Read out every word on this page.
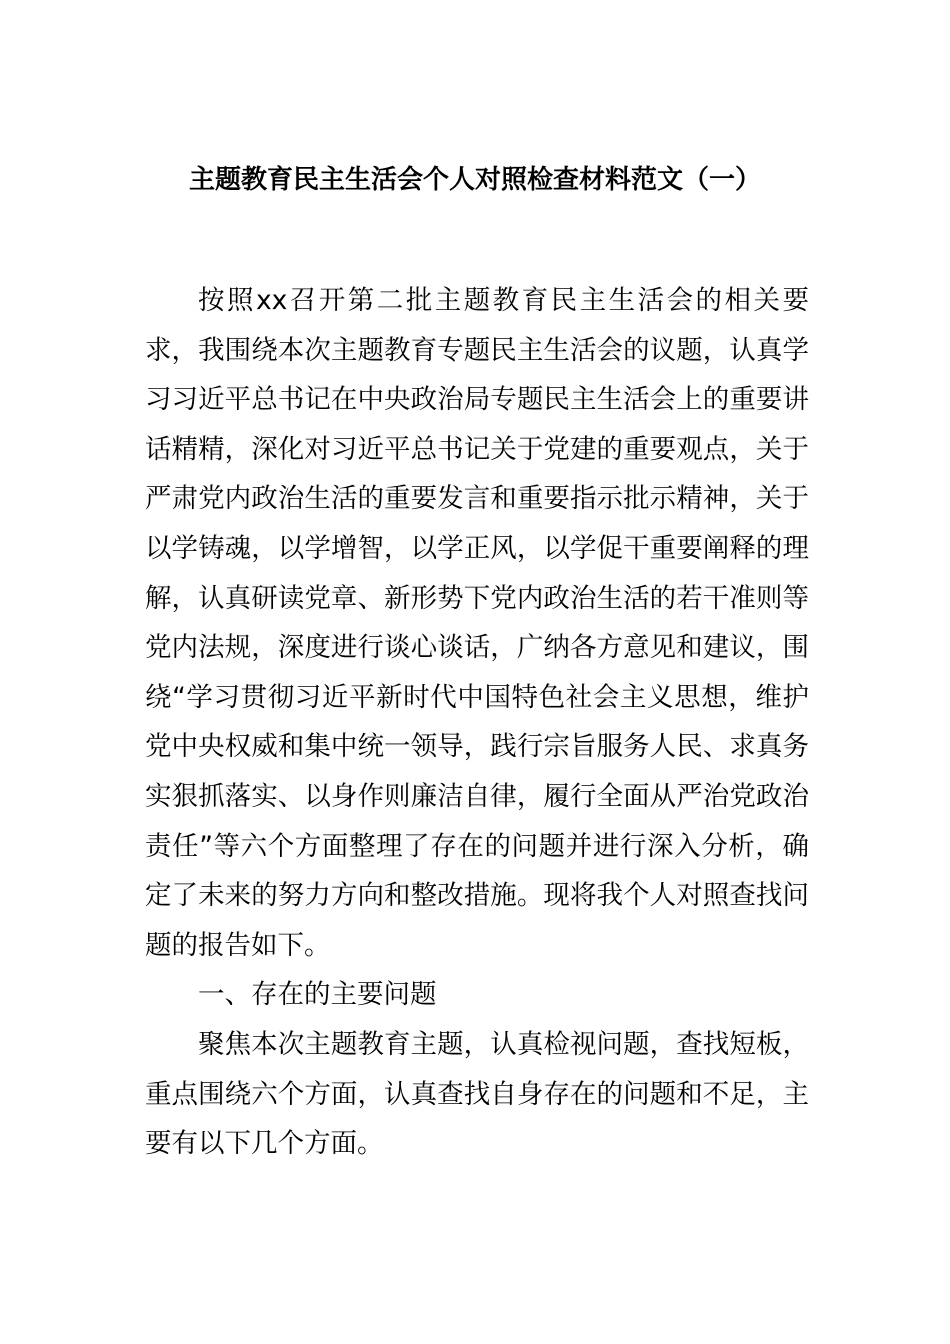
主题教育民主生活会个人对照检查材料范文（一）

按照xx召开第二批主题教育民主生活会的相关要求，我围绕本次主题教育专题民主生活会的议题，认真学习习近平总书记在中央政治局专题民主生活会上的重要讲话精精，深化对习近平总书记关于党建的重要观点，关于严肃党内政治生活的重要发言和重要指示批示精神，关于以学铸魂，以学增智，以学正风，以学促干重要阐释的理解，认真研读党章、新形势下党内政治生活的若干准则等党内法规，深度进行谈心谈话，广纳各方意见和建议，围绕“学习贯彻习近平新时代中国特色社会主义思想，维护党中央权威和集中统一领导，践行宗旨服务人民、求真务实狠抓落实、以身作则廉洁自律，履行全面从严治党政治责任”等六个方面整理了存在的问题并进行深入分析，确定了未来的努力方向和整改措施。现将我个人对照查找问题的报告如下。

一、存在的主要问题

聚焦本次主题教育主题，认真检视问题，查找短板，重点围绕六个方面，认真查找自身存在的问题和不足，主要有以下几个方面。
